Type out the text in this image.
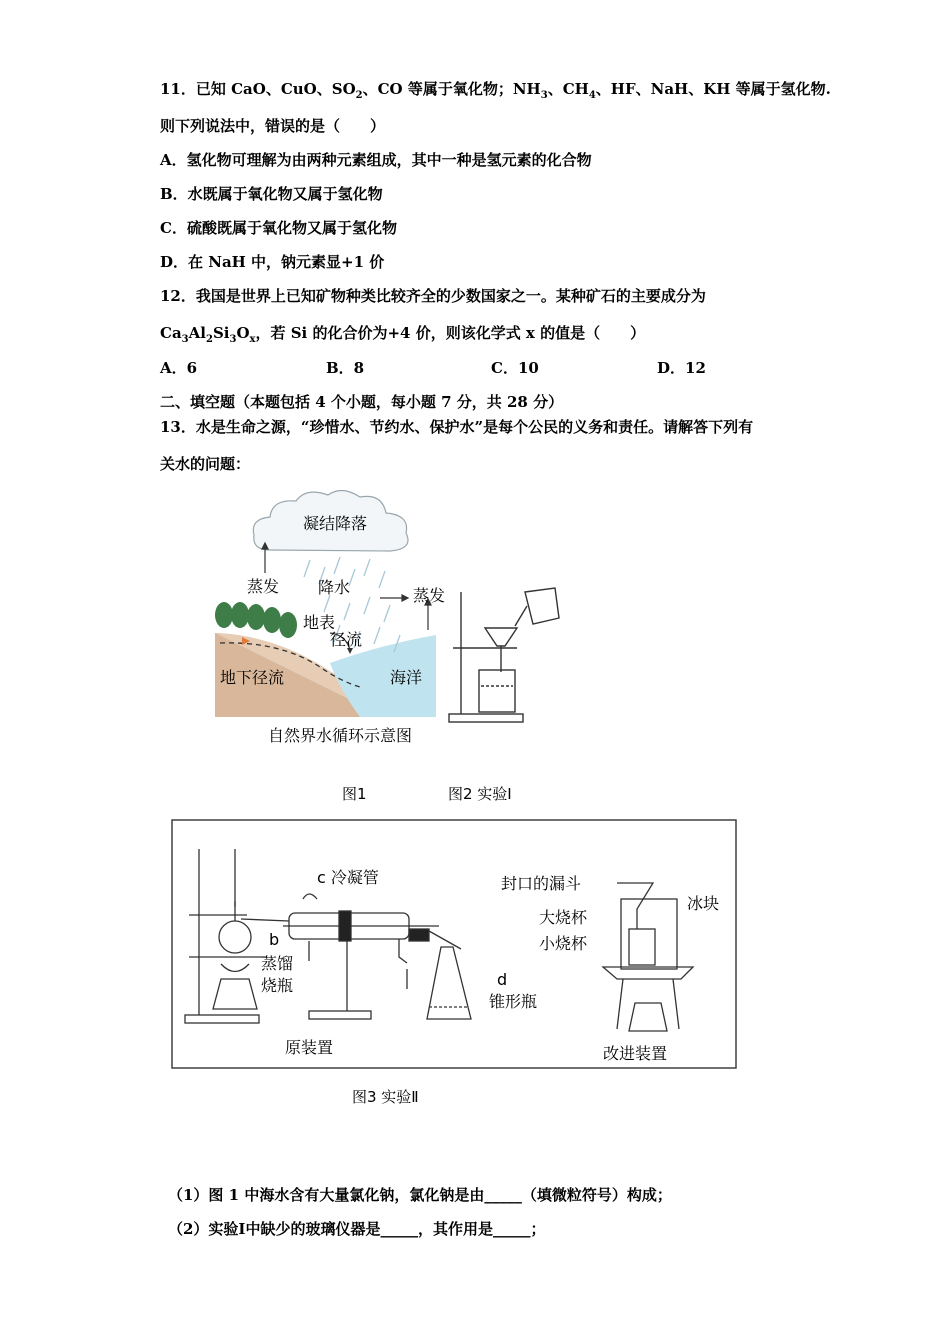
11．已知 CaO、CuO、$SO_2$、CO 等属于氧化物；$NH_3$、$CH_4$、HF、NaH、KH 等属于氢化物.
则下列说法中，错误的是（　　）
A．氢化物可理解为由两种元素组成，其中一种是氢元素的化合物
B．水既属于氧化物又属于氢化物
C．硫酸既属于氧化物又属于氢化物
D．在 NaH 中，钠元素显+1 价
12．我国是世界上已知矿物种类比较齐全的少数国家之一。某种矿石的主要成分为
$Ca_3Al_2Si_3O_x$，若 Si 的化合价为+4 价，则该化学式 x 的值是（　　）
A．6	B．8	C．10	D．12
二、填空题（本题包括 4 个小题，每小题 7 分，共 28 分）
13．水是生命之源，“珍惜水、节约水、保护水”是每个公民的义务和责任。请解答下列有
关水的问题：
凝结降落
蒸发 降水	蒸发
地表
径流
地下径流	海洋
自然界水循环示意图
图1	图2 实验Ⅰ
c 冷凝管
b
蒸馏
烧瓶	d
锥形瓶
原装置
封口的漏斗
冰块
大烧杯
小烧杯
改进装置
图3 实验Ⅱ
（1）图 1 中海水含有大量氯化钠，氯化钠是由_____（填微粒符号）构成；
（2）实验Ⅰ中缺少的玻璃仪器是_____，其作用是_____；
